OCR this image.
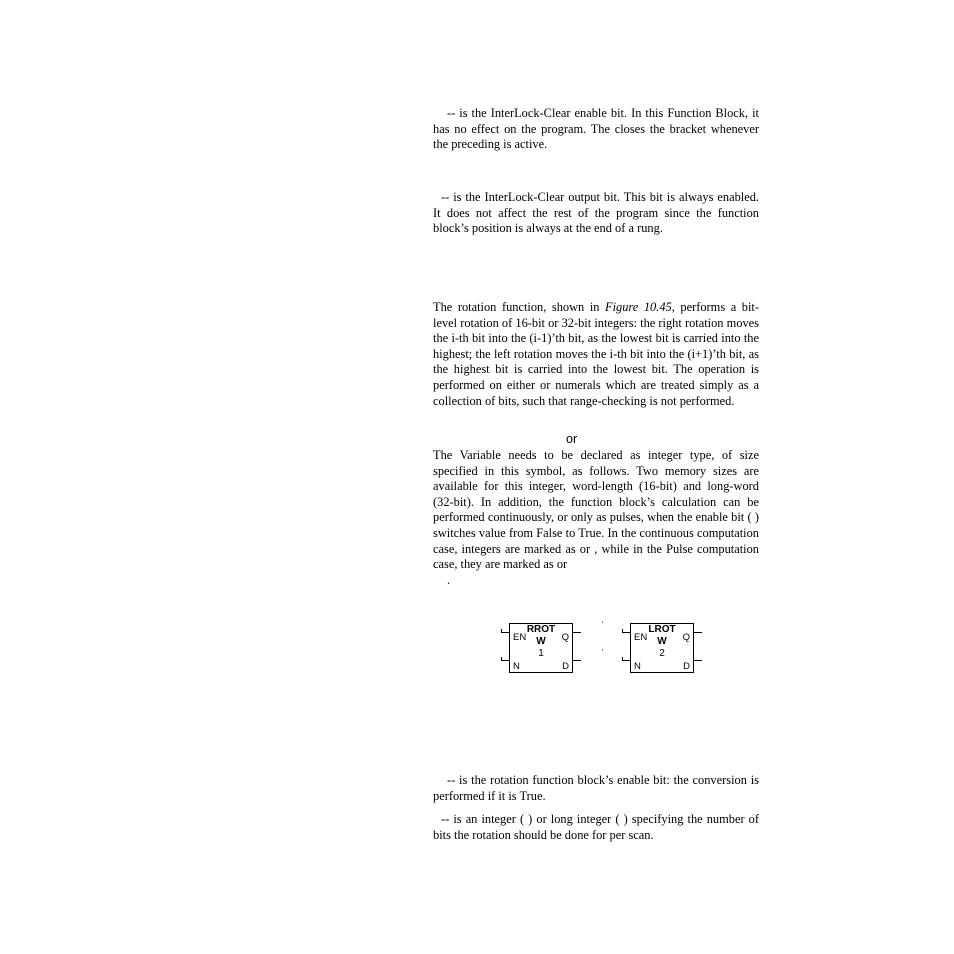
-- is the InterLock-Clear enable bit. In this Function Block, it has no effect on the program. The closes the bracket whenever the preceding is active.
-- is the InterLock-Clear output bit. This bit is always enabled. It does not affect the rest of the program since the function block’s position is always at the end of a rung.
The rotation function, shown in Figure 10.45, performs a bit-level rotation of 16-bit or 32-bit integers: the right rotation moves the i-th bit into the (i-1)’th bit, as the lowest bit is carried into the highest; the left rotation moves the i-th bit into the (i+1)’th bit, as the highest bit is carried into the lowest bit. The operation is performed on either or numerals which are treated simply as a collection of bits, such that range-checking is not performed.
or
The Variable needs to be declared as integer type, of size specified in this symbol, as follows. Two memory sizes are available for this integer, word-length (16-bit) and long-word (32-bit). In addition, the function block’s calculation can be performed continuously, or only as pulses, when the enable bit ( ) switches value from False to True. In the continuous computation case, integers are marked as or , while in the Pulse computation case, they are marked as or
.
RROT
W
1
EN	Q
N	D
·
·
LROT
W
2
EN	Q
N	D
-- is the rotation function block’s enable bit: the conversion is performed if it is True.
-- is an integer ( ) or long integer ( ) specifying the number of bits the rotation should be done for per scan.
